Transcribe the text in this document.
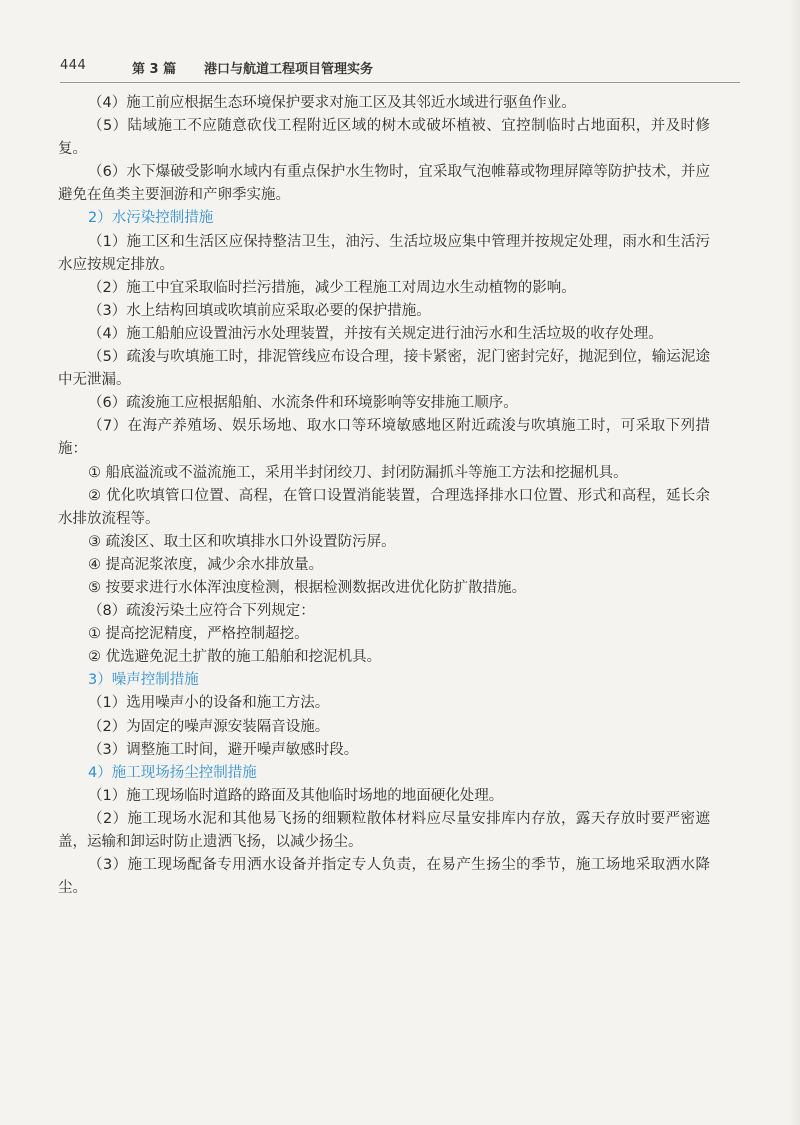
444	第 3 篇 港口与航道工程项目管理实务

（4）施工前应根据生态环境保护要求对施工区及其邻近水域进行驱鱼作业。

（5）陆域施工不应随意砍伐工程附近区域的树木或破坏植被、宜控制临时占地面积，并及时修复。

（6）水下爆破受影响水域内有重点保护水生物时，宜采取气泡帷幕或物理屏障等防护技术，并应避免在鱼类主要洄游和产卵季实施。

2）水污染控制措施

（1）施工区和生活区应保持整洁卫生，油污、生活垃圾应集中管理并按规定处理，雨水和生活污水应按规定排放。

（2）施工中宜采取临时拦污措施，减少工程施工对周边水生动植物的影响。

（3）水上结构回填或吹填前应采取必要的保护措施。

（4）施工船舶应设置油污水处理装置，并按有关规定进行油污水和生活垃圾的收存处理。

（5）疏浚与吹填施工时，排泥管线应布设合理，接卡紧密，泥门密封完好，抛泥到位，输运泥途中无泄漏。

（6）疏浚施工应根据船舶、水流条件和环境影响等安排施工顺序。

（7）在海产养殖场、娱乐场地、取水口等环境敏感地区附近疏浚与吹填施工时，可采取下列措施：

① 船底溢流或不溢流施工，采用半封闭绞刀、封闭防漏抓斗等施工方法和挖掘机具。

② 优化吹填管口位置、高程，在管口设置消能装置，合理选择排水口位置、形式和高程，延长余水排放流程等。

③ 疏浚区、取土区和吹填排水口外设置防污屏。

④ 提高泥浆浓度，减少余水排放量。

⑤ 按要求进行水体浑浊度检测，根据检测数据改进优化防扩散措施。

（8）疏浚污染土应符合下列规定：

① 提高挖泥精度，严格控制超挖。

② 优选避免泥土扩散的施工船舶和挖泥机具。

3）噪声控制措施

（1）选用噪声小的设备和施工方法。

（2）为固定的噪声源安装隔音设施。

（3）调整施工时间，避开噪声敏感时段。

4）施工现场扬尘控制措施

（1）施工现场临时道路的路面及其他临时场地的地面硬化处理。

（2）施工现场水泥和其他易飞扬的细颗粒散体材料应尽量安排库内存放，露天存放时要严密遮盖，运输和卸运时防止遗洒飞扬，以减少扬尘。

（3）施工现场配备专用洒水设备并指定专人负责，在易产生扬尘的季节，施工场地采取洒水降尘。
